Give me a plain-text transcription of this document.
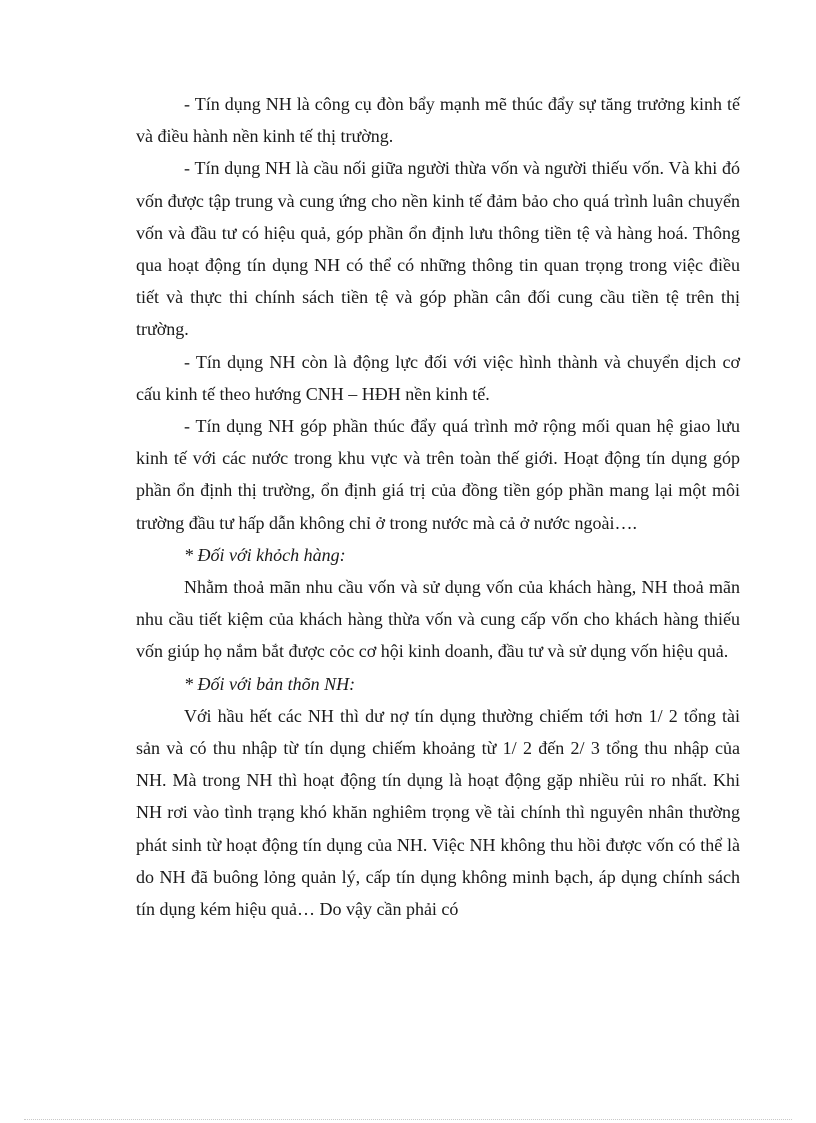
- Tín dụng NH là công cụ đòn bẩy mạnh mẽ thúc đẩy sự tăng trưởng kinh tế và điều hành nền kinh tế thị trường.

- Tín dụng NH là cầu nối giữa người thừa vốn và người thiếu vốn. Và khi đó vốn được tập trung và cung ứng cho nền kinh tế đảm bảo cho quá trình luân chuyển vốn và đầu tư có hiệu quả, góp phần ổn định lưu thông tiền tệ và hàng hoá. Thông qua hoạt động tín dụng NH có thể có những thông tin quan trọng trong việc điều tiết và thực thi chính sách tiền tệ và góp phần cân đối cung cầu tiền tệ trên thị trường.

- Tín dụng NH còn là động lực đối với việc hình thành và chuyển dịch cơ cấu kinh tế theo hướng CNH – HĐH nền kinh tế.

- Tín dụng NH góp phần thúc đẩy quá trình mở rộng mối quan hệ giao lưu kinh tế với các nước trong khu vực và trên toàn thế giới. Hoạt động tín dụng góp phần ổn định thị trường, ổn định giá trị của đồng tiền góp phần mang lại một môi trường đầu tư hấp dẫn không chỉ ở trong nước mà cả ở nước ngoài….

* Đối với khỏch hàng:

Nhằm thoả mãn nhu cầu vốn và sử dụng vốn của khách hàng, NH thoả mãn nhu cầu tiết kiệm của khách hàng thừa vốn và cung cấp vốn cho khách hàng thiếu vốn giúp họ nắm bắt được cỏc cơ hội kinh doanh, đầu tư và sử dụng vốn hiệu quả.

* Đối với bản thõn NH:

Với hầu hết các NH thì dư nợ tín dụng thường chiếm tới hơn 1/ 2 tổng tài sản và có thu nhập từ tín dụng chiếm khoảng từ 1/ 2 đến 2/ 3 tổng thu nhập của NH. Mà trong NH thì hoạt động tín dụng là hoạt động gặp nhiều rủi ro nhất. Khi NH rơi vào tình trạng khó khăn nghiêm trọng về tài chính thì nguyên nhân thường phát sinh từ hoạt động tín dụng của NH. Việc NH không thu hồi được vốn có thể là do NH đã buông lỏng quản lý, cấp tín dụng không minh bạch, áp dụng chính sách tín dụng kém hiệu quả… Do vậy cần phải có
